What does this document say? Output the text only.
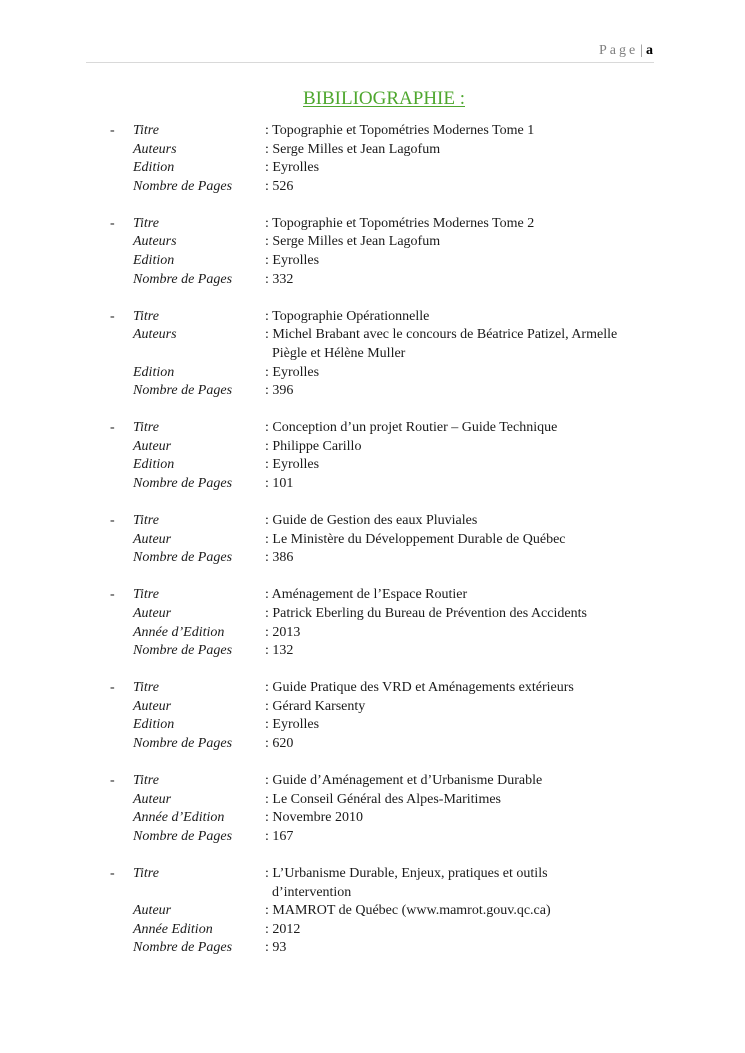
Page | a
BIBILIOGRAPHIE :
- Titre	: Topographie et Topométries Modernes Tome 1
Auteurs	: Serge Milles et Jean Lagofum
Edition	: Eyrolles
Nombre de Pages	: 526
- Titre	: Topographie et Topométries Modernes Tome 2
Auteurs	: Serge Milles et Jean Lagofum
Edition	: Eyrolles
Nombre de Pages	: 332
- Titre	: Topographie Opérationnelle
Auteurs	: Michel Brabant avec le concours de Béatrice Patizel, Armelle
Piègle et Hélène Muller
Edition	: Eyrolles
Nombre de Pages	: 396
- Titre	: Conception d’un projet Routier – Guide Technique
Auteur	: Philippe Carillo
Edition	: Eyrolles
Nombre de Pages	: 101
- Titre	: Guide de Gestion des eaux Pluviales
Auteur	: Le Ministère du Développement Durable de Québec
Nombre de Pages	: 386
- Titre	: Aménagement de l’Espace Routier
Auteur	: Patrick Eberling du Bureau de Prévention des Accidents
Année d’Edition	: 2013
Nombre de Pages	: 132
- Titre	: Guide Pratique des VRD et Aménagements extérieurs
Auteur	: Gérard Karsenty
Edition	: Eyrolles
Nombre de Pages	: 620
- Titre	: Guide d’Aménagement et d’Urbanisme Durable
Auteur	: Le Conseil Général des Alpes-Maritimes
Année d’Edition	: Novembre 2010
Nombre de Pages	: 167
- Titre	: L’Urbanisme Durable, Enjeux, pratiques et outils
d’intervention
Auteur	: MAMROT de Québec (www.mamrot.gouv.qc.ca)
Année Edition	: 2012
Nombre de Pages	: 93
